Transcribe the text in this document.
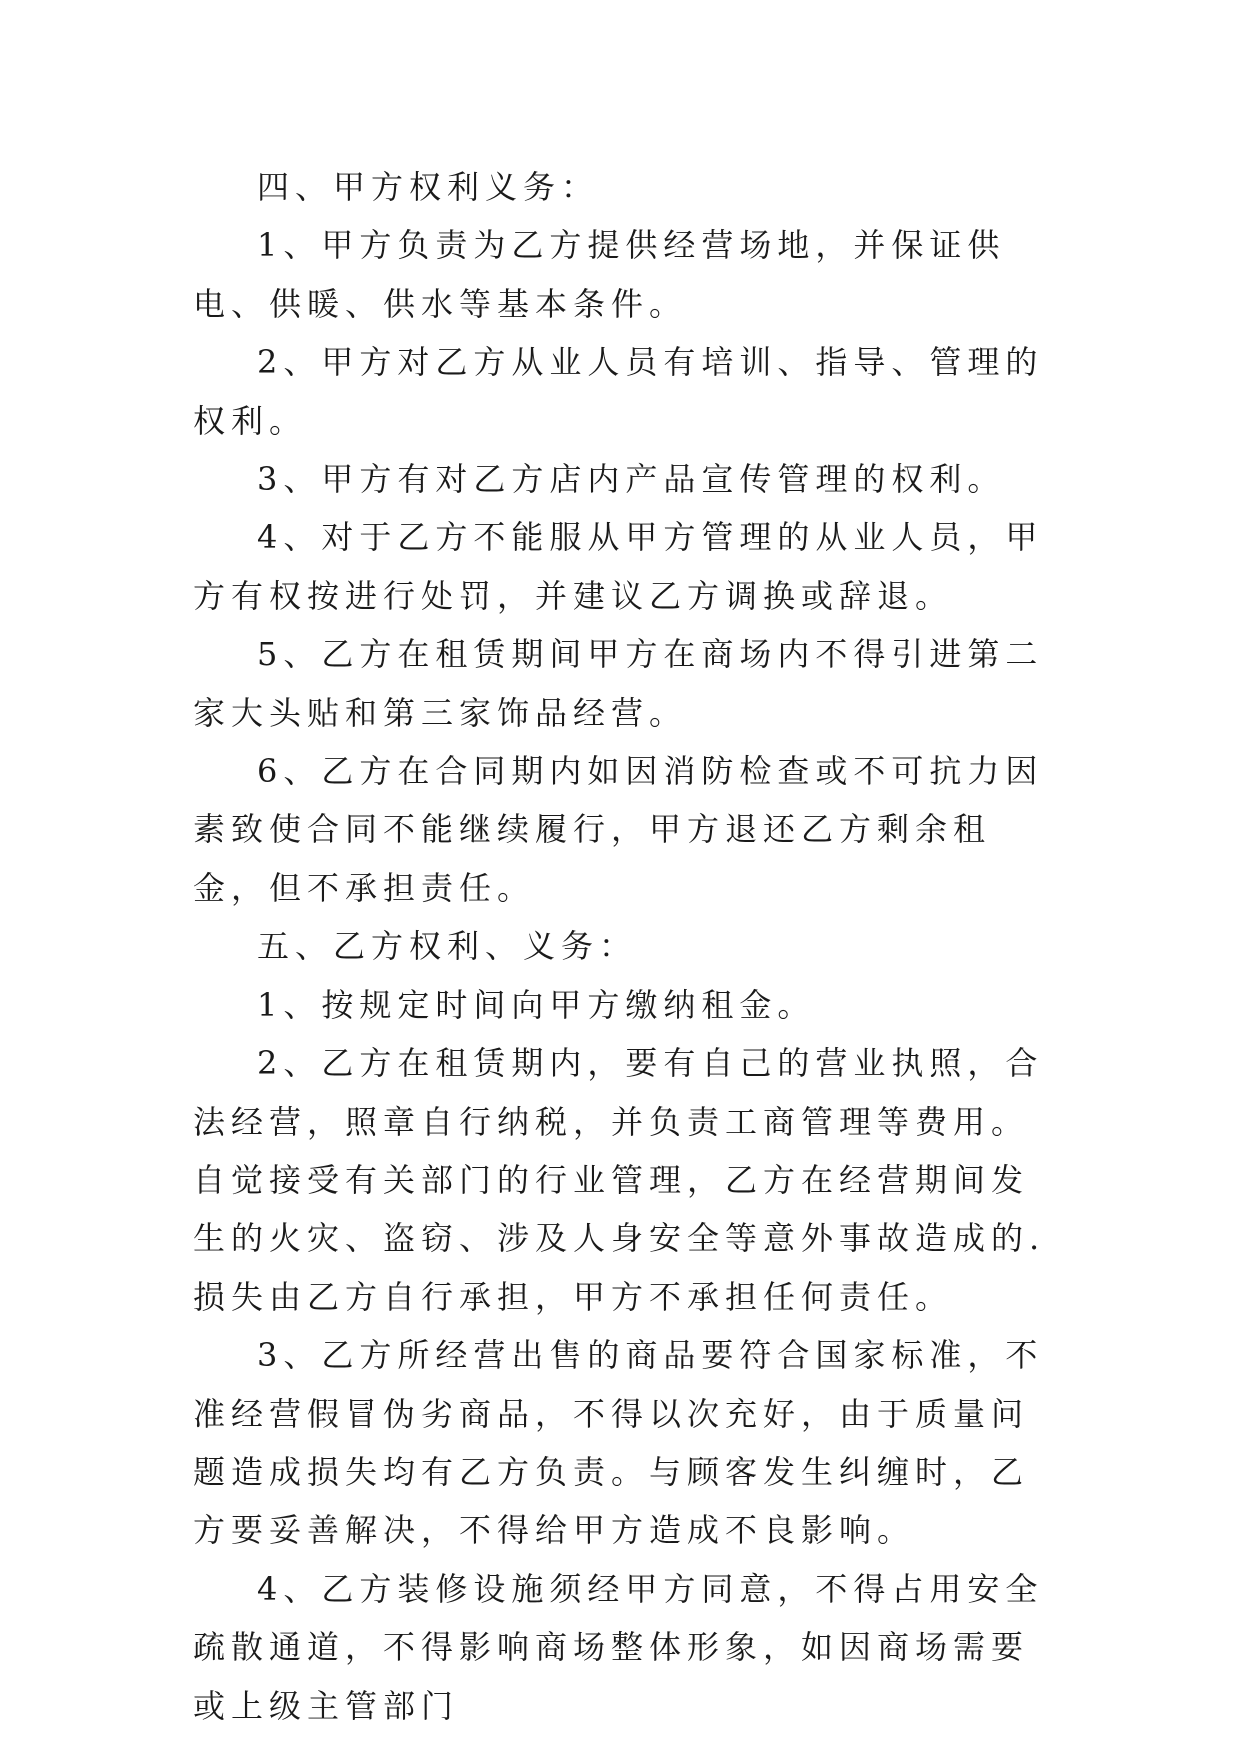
四、甲方权利义务：

1、甲方负责为乙方提供经营场地，并保证供电、供暖、供水等基本条件。

2、甲方对乙方从业人员有培训、指导、管理的权利。

3、甲方有对乙方店内产品宣传管理的权利。

4、对于乙方不能服从甲方管理的从业人员，甲方有权按进行处罚，并建议乙方调换或辞退。

5、乙方在租赁期间甲方在商场内不得引进第二家大头贴和第三家饰品经营。

6、乙方在合同期内如因消防检查或不可抗力因素致使合同不能继续履行，甲方退还乙方剩余租金，但不承担责任。

五、乙方权利、义务：

1、按规定时间向甲方缴纳租金。

2、乙方在租赁期内，要有自己的营业执照，合法经营，照章自行纳税，并负责工商管理等费用。自觉接受有关部门的行业管理，乙方在经营期间发生的火灾、盗窃、涉及人身安全等意外事故造成的.损失由乙方自行承担，甲方不承担任何责任。

3、乙方所经营出售的商品要符合国家标准，不准经营假冒伪劣商品，不得以次充好，由于质量问题造成损失均有乙方负责。与顾客发生纠缠时，乙方要妥善解决，不得给甲方造成不良影响。

4、乙方装修设施须经甲方同意，不得占用安全疏散通道，不得影响商场整体形象，如因商场需要或上级主管部门
